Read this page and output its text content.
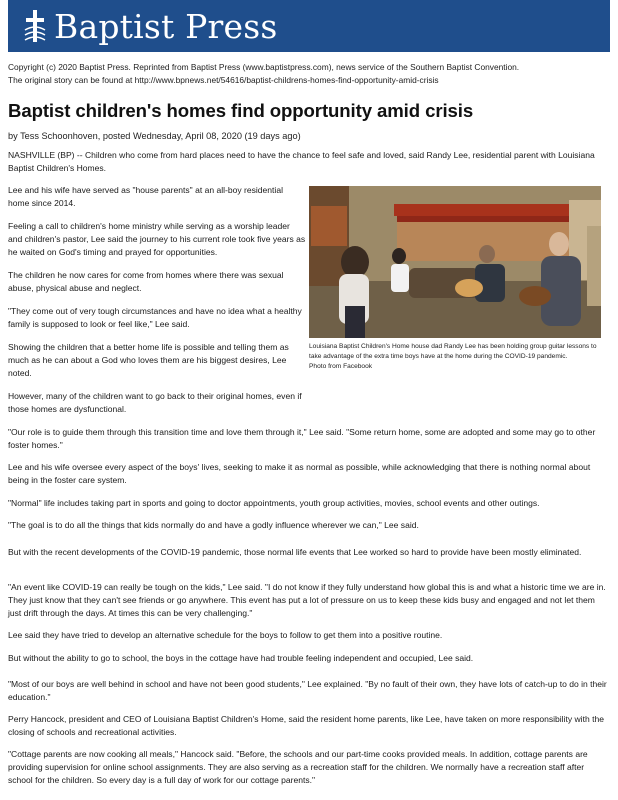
Baptist Press
Copyright (c) 2020 Baptist Press. Reprinted from Baptist Press (www.baptistpress.com), news service of the Southern Baptist Convention.
The original story can be found at http://www.bpnews.net/54616/baptist-childrens-homes-find-opportunity-amid-crisis
Baptist children's homes find opportunity amid crisis
by Tess Schoonhoven, posted Wednesday, April 08, 2020 (19 days ago)

NASHVILLE (BP) -- Children who come from hard places need to have the chance to feel safe and loved, said Randy Lee, residential parent with Louisiana Baptist Children's Homes.

Lee and his wife have served as "house parents" at an all-boy residential home since 2014.

Feeling a call to children's home ministry while serving as a worship leader and children's pastor, Lee said the journey to his current role took five years as he waited on God's timing and prayed for opportunities.

The children he now cares for come from homes where there was sexual abuse, physical abuse and neglect.

"They come out of very tough circumstances and have no idea what a healthy family is supposed to look or feel like," Lee said.

Showing the children that a better home life is possible and telling them as much as he can about a God who loves them are his biggest desires, Lee noted.

However, many of the children want to go back to their original homes, even if those homes are dysfunctional.

Louisiana Baptist Children's Home house dad Randy Lee has been holding group guitar lessons to take advantage of the extra time boys have at the home during the COVID-19 pandemic.
Photo from Facebook

"Our role is to guide them through this transition time and love them through it," Lee said. "Some return home, some are adopted and some may go to other foster homes."

Lee and his wife oversee every aspect of the boys' lives, seeking to make it as normal as possible, while acknowledging that there is nothing normal about being in the foster care system.

"Normal" life includes taking part in sports and going to doctor appointments, youth group activities, movies, school events and other outings.

"The goal is to do all the things that kids normally do and have a godly influence wherever we can," Lee said.

But with the recent developments of the COVID-19 pandemic, those normal life events that Lee worked so hard to provide have been mostly eliminated.

"An event like COVID-19 can really be tough on the kids," Lee said. "I do not know if they fully understand how global this is and what a historic time we are in. They just know that they can't see friends or go anywhere. This event has put a lot of pressure on us to keep these kids busy and engaged and not let them just drift through the days. At times this can be very challenging."

Lee said they have tried to develop an alternative schedule for the boys to follow to get them into a positive routine.

But without the ability to go to school, the boys in the cottage have had trouble feeling independent and occupied, Lee said.

"Most of our boys are well behind in school and have not been good students," Lee explained. "By no fault of their own, they have lots of catch-up to do in their education."

Perry Hancock, president and CEO of Louisiana Baptist Children's Home, said the resident home parents, like Lee, have taken on more responsibility with the closing of schools and recreational activities.

"Cottage parents are now cooking all meals," Hancock said. "Before, the schools and our part-time cooks provided meals. In addition, cottage parents are providing supervision for online school assignments. They are also serving as a recreation staff for the children. We normally have a recreation staff after school for the children. So every day is a full day of work for our cottage parents."
